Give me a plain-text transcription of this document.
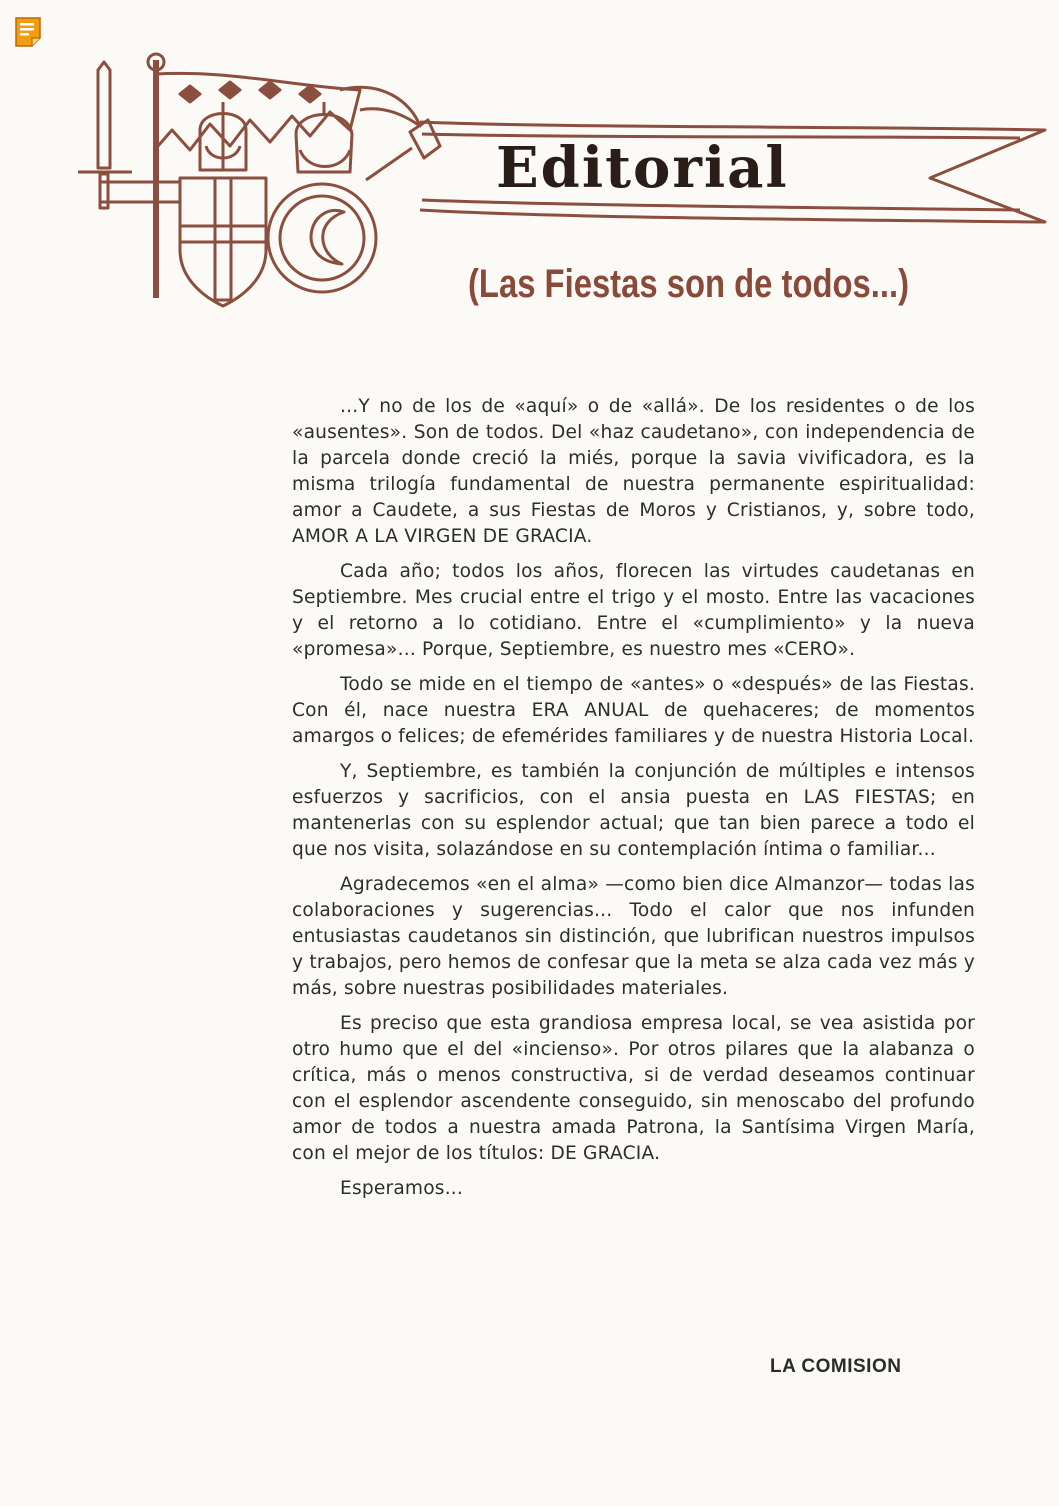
Editorial
(Las Fiestas son de todos...)

...Y no de los de «aquí» o de «allá». De los residentes o de los «ausentes». Son de todos. Del «haz caudetano», con independencia de la parcela donde creció la miés, porque la savia vivificadora, es la misma trilogía fundamental de nuestra permanente espiritualidad: amor a Caudete, a sus Fiestas de Moros y Cristianos, y, sobre todo, AMOR A LA VIRGEN DE GRACIA.

Cada año; todos los años, florecen las virtudes caudetanas en Septiembre. Mes crucial entre el trigo y el mosto. Entre las vacaciones y el retorno a lo cotidiano. Entre el «cumplimiento» y la nueva «promesa»... Porque, Septiembre, es nuestro mes «CERO».

Todo se mide en el tiempo de «antes» o «después» de las Fiestas. Con él, nace nuestra ERA ANUAL de quehaceres; de momentos amargos o felices; de efemérides familiares y de nuestra Historia Local.

Y, Septiembre, es también la conjunción de múltiples e intensos esfuerzos y sacrificios, con el ansia puesta en LAS FIESTAS; en mantenerlas con su esplendor actual; que tan bien parece a todo el que nos visita, solazándose en su contemplación íntima o familiar...

Agradecemos «en el alma» —como bien dice Almanzor— todas las colaboraciones y sugerencias... Todo el calor que nos infunden entusiastas caudetanos sin distinción, que lubrifican nuestros impulsos y trabajos, pero hemos de confesar que la meta se alza cada vez más y más, sobre nuestras posibilidades materiales.

Es preciso que esta grandiosa empresa local, se vea asistida por otro humo que el del «incienso». Por otros pilares que la alabanza o crítica, más o menos constructiva, si de verdad deseamos continuar con el esplendor ascendente conseguido, sin menoscabo del profundo amor de todos a nuestra amada Patrona, la Santísima Virgen María, con el mejor de los títulos: DE GRACIA.

Esperamos...

LA COMISION
